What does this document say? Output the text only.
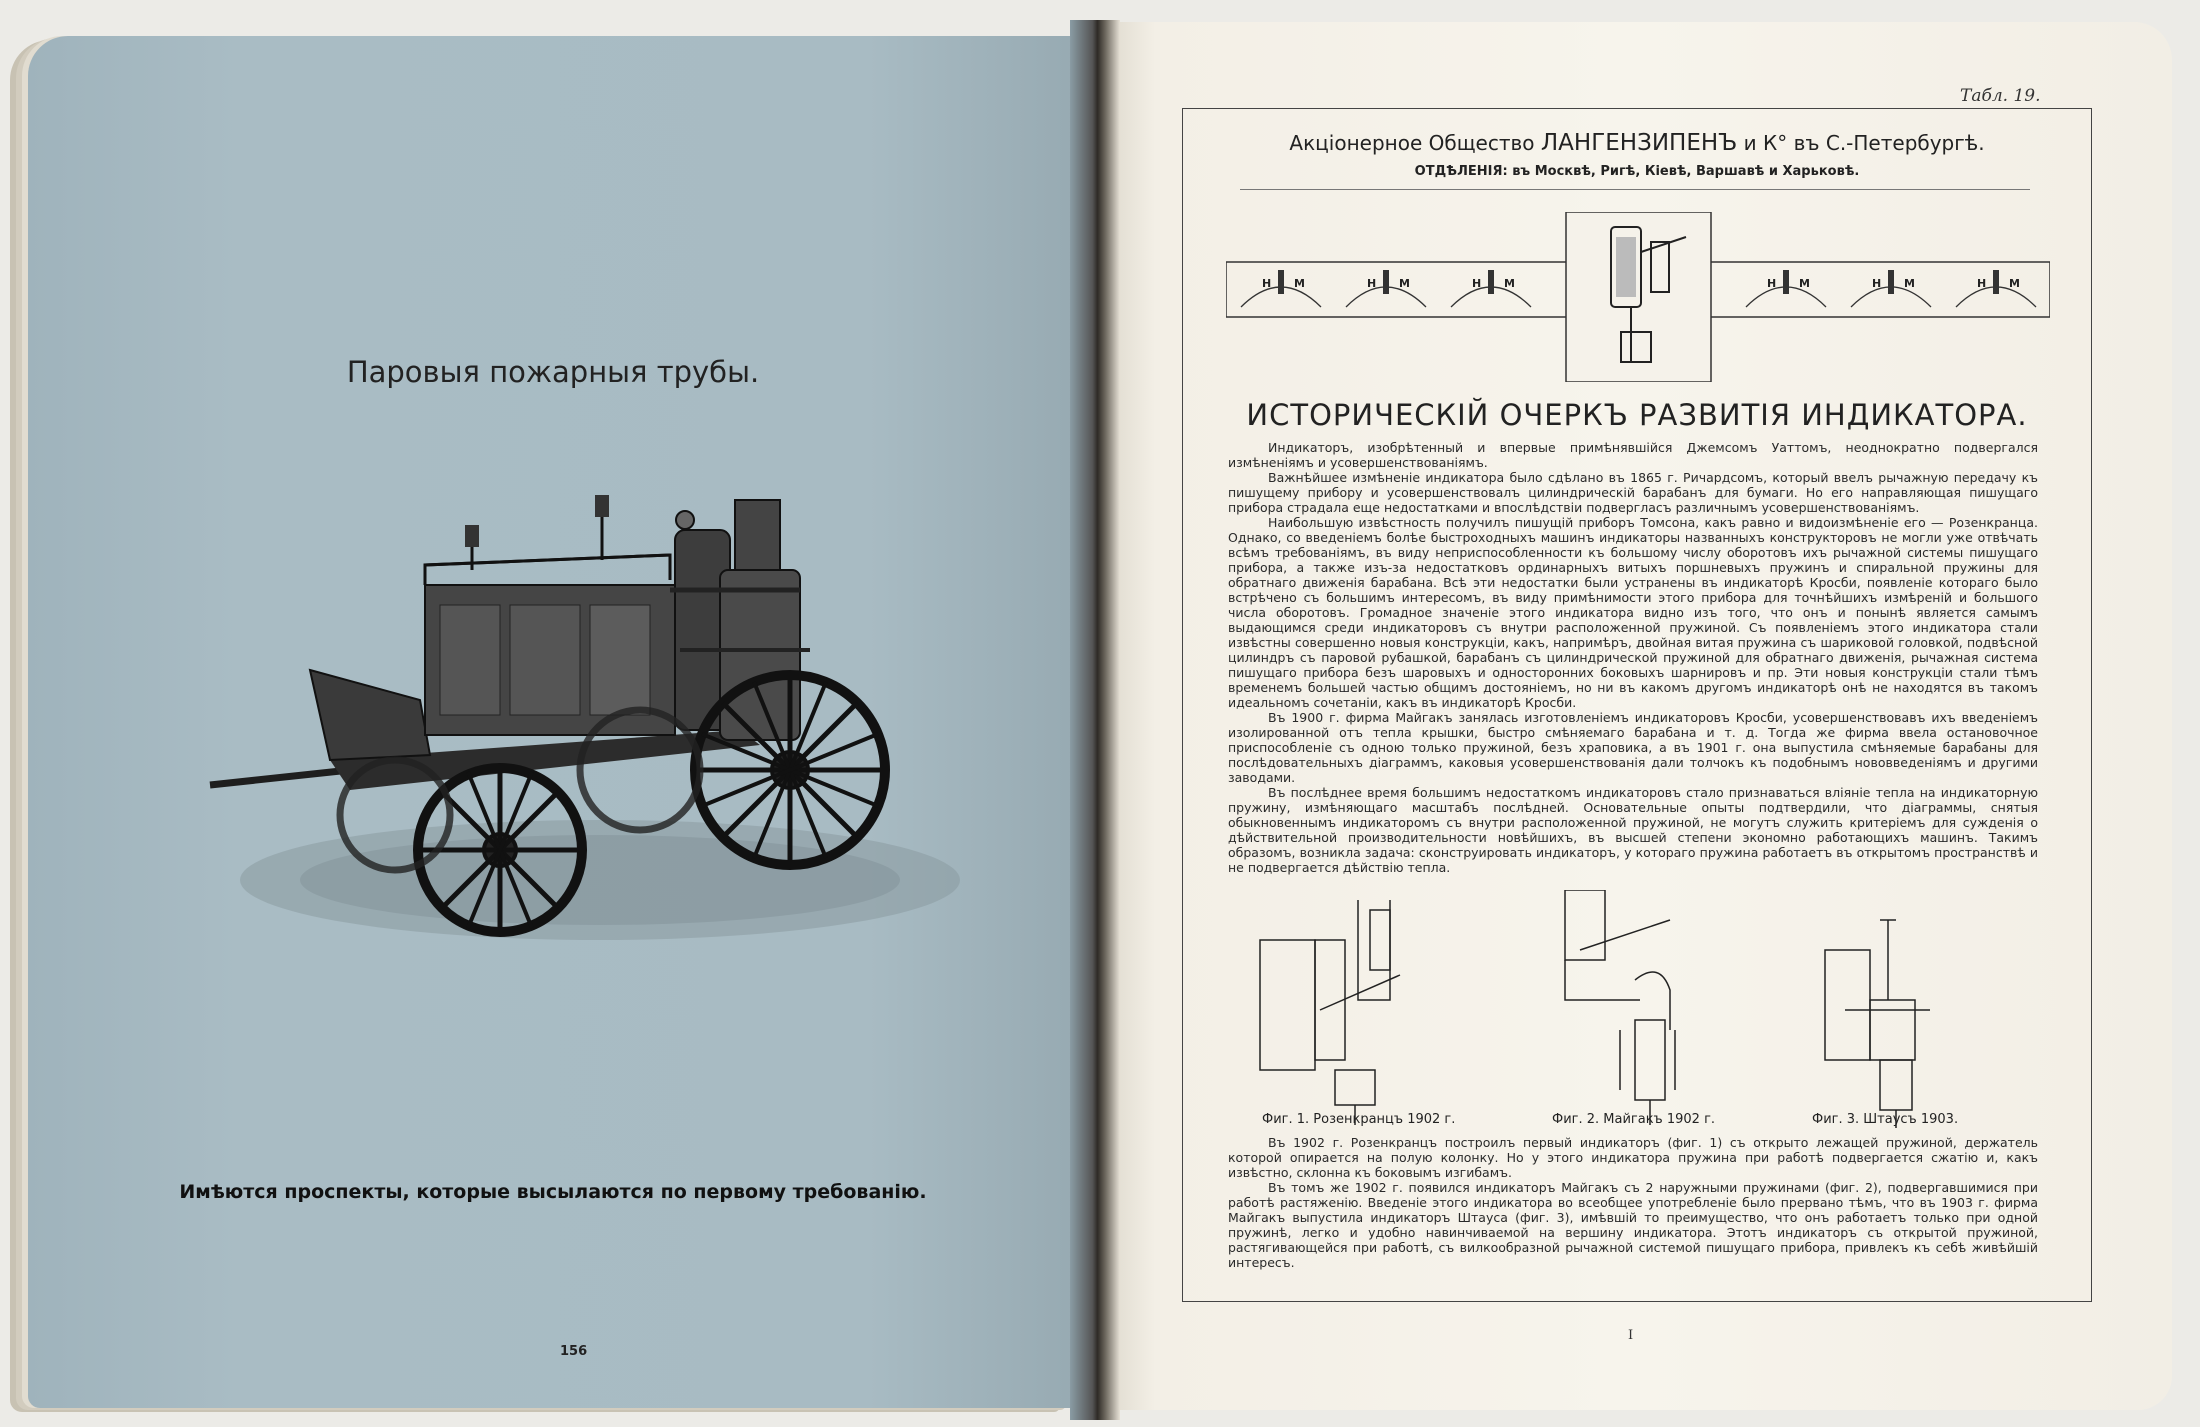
Паровыя пожарныя трубы.
Имѣются проспекты, которые высылаются по первому требованію.
156
Табл. 19.
Акціонерное Общество ЛАНГЕНЗИПЕНЪ и К° въ С.-Петербургѣ.
ОТДѢЛЕНІЯ: въ Москвѣ, Ригѣ, Кіевѣ, Варшавѣ и Харьковѣ.
Н М	Н М	Н М	Н М	Н М	Н М
ИСТОРИЧЕСКІЙ ОЧЕРКЪ РАЗВИТІЯ ИНДИКАТОРА.

Индикаторъ, изобрѣтенный и впервые примѣнявшійся Джемсомъ Уаттомъ, неоднократно подвергался измѣненіямъ и усовершенствованіямъ.

Важнѣйшее измѣненіе индикатора было сдѣлано въ 1865 г. Ричардсомъ, который ввелъ рычажную передачу къ пишущему прибору и усовершенствовалъ цилиндрическій барабанъ для бумаги. Но его направляющая пишущаго прибора страдала еще недостатками и впослѣдствіи подвергласъ различнымъ усовершенствованіямъ.

Наибольшую извѣстность получилъ пишущій приборъ Томсона, какъ равно и видоизмѣненіе его — Розенкранца. Однако, со введеніемъ болѣе быстроходныхъ машинъ индикаторы названныхъ конструкторовъ не могли уже отвѣчать всѣмъ требованіямъ, въ виду неприспособленности къ большому числу оборотовъ ихъ рычажной системы пишущаго прибора, а также изъ-за недостатковъ ординарныхъ витыхъ поршневыхъ пружинъ и спиральной пружины для обратнаго движенія барабана. Всѣ эти недостатки были устранены въ индикаторѣ Кросби, появленіе котораго было встрѣчено съ большимъ интересомъ, въ виду примѣнимости этого прибора для точнѣйшихъ измѣреній и большого числа оборотовъ. Громадное значеніе этого индикатора видно изъ того, что онъ и понынѣ является самымъ выдающимся среди индикаторовъ съ внутри расположенной пружиной. Съ появленіемъ этого индикатора стали извѣстны совершенно новыя конструкціи, какъ, напримѣръ, двойная витая пружина съ шариковой головкой, подвѣсной цилиндръ съ паровой рубашкой, барабанъ съ цилиндрической пружиной для обратнаго движенія, рычажная система пишущаго прибора безъ шаровыхъ и односторонних боковыхъ шарнировъ и пр. Эти новыя конструкціи стали тѣмъ временемъ большей частью общимъ достояніемъ, но ни въ какомъ другомъ индикаторѣ онѣ не находятся въ такомъ идеальномъ сочетаніи, какъ въ индикаторѣ Кросби.

Въ 1900 г. фирма Майгакъ занялась изготовленіемъ индикаторовъ Кросби, усовершенствовавъ ихъ введеніемъ изолированной отъ тепла крышки, быстро смѣняемаго барабана и т. д. Тогда же фирма ввела остановочное приспособленіе съ одною только пружиной, безъ храповика, а въ 1901 г. она выпустила смѣняемые барабаны для послѣдовательныхъ діаграммъ, каковыя усовершенствованія дали толчокъ къ подобнымъ нововведеніямъ и другими заводами.

Въ послѣднее время большимъ недостаткомъ индикаторовъ стало признаваться вліяніе тепла на индикаторную пружину, измѣняющаго масштабъ послѣдней. Основательные опыты подтвердили, что діаграммы, снятыя обыкновеннымъ индикаторомъ съ внутри расположенной пружиной, не могутъ служить критеріемъ для сужденія о дѣйствительной производительности новѣйшихъ, въ высшей степени экономно работающихъ машинъ. Такимъ образомъ, возникла задача: сконструировать индикаторъ, у котораго пружина работаетъ въ открытомъ пространствѣ и не подвергается дѣйствію тепла.

Фиг. 1. Розенкранцъ 1902 г.	Фиг. 2. Майгакъ 1902 г.	Фиг. 3. Штаусъ 1903.

Въ 1902 г. Розенкранцъ построилъ первый индикаторъ (фиг. 1) съ открыто лежащей пружиной, держатель которой опирается на полую колонку. Но у этого индикатора пружина при работѣ подвергается сжатію и, какъ извѣстно, склонна къ боковымъ изгибамъ.

Въ томъ же 1902 г. появился индикаторъ Майгакъ съ 2 наружными пружинами (фиг. 2), подвергавшимися при работѣ растяженію. Введеніе этого индикатора во всеобщее употребленіе было прервано тѣмъ, что въ 1903 г. фирма Майгакъ выпустила индикаторъ Штауса (фиг. 3), имѣвшій то преимущество, что онъ работаетъ только при одной пружинѣ, легко и удобно навинчиваемой на вершину индикатора. Этотъ индикаторъ съ открытой пружиной, растягивающейся при работѣ, съ вилкообразной рычажной системой пишущаго прибора, привлекъ къ себѣ живѣйшій интересъ.

I
